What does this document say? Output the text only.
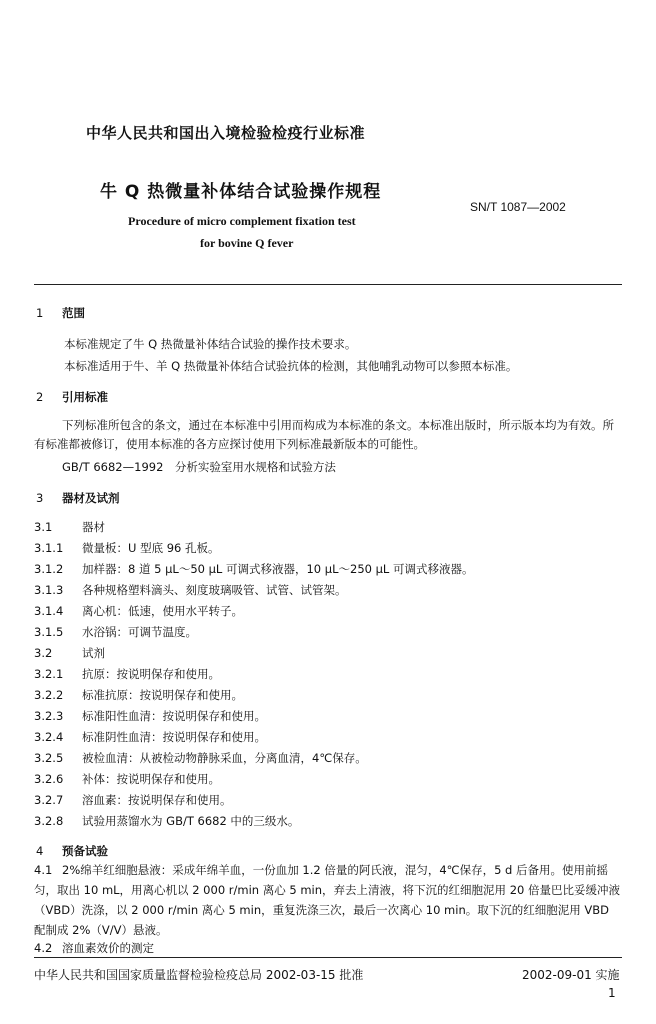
中华人民共和国出入境检验检疫行业标准
牛 Q 热微量补体结合试验操作规程
SN/T 1087—2002
Procedure of micro complement fixation test
for bovine Q fever
1 范围
本标准规定了牛 Q 热微量补体结合试验的操作技术要求。
本标准适用于牛、羊 Q 热微量补体结合试验抗体的检测，其他哺乳动物可以参照本标准。
2 引用标准
下列标准所包含的条文，通过在本标准中引用而构成为本标准的条文。本标准出版时，所示版本均为有效。所有标准都被修订，使用本标准的各方应探讨使用下列标准最新版本的可能性。
GB/T 6682—1992　分析实验室用水规格和试验方法
3 器材及试剂
3.1	器材
3.1.1 微量板：U 型底 96 孔板。
3.1.2 加样器：8 道 5 μL～50 μL 可调式移液器，10 μL～250 μL 可调式移液器。
3.1.3 各种规格塑料滴头、刻度玻璃吸管、试管、试管架。
3.1.4 离心机：低速，使用水平转子。
3.1.5 水浴锅：可调节温度。
3.2	试剂
3.2.1 抗原：按说明保存和使用。
3.2.2 标准抗原：按说明保存和使用。
3.2.3 标准阳性血清：按说明保存和使用。
3.2.4 标准阴性血清：按说明保存和使用。
3.2.5 被检血清：从被检动物静脉采血，分离血清，4℃保存。
3.2.6 补体：按说明保存和使用。
3.2.7 溶血素：按说明保存和使用。
3.2.8 试验用蒸馏水为 GB/T 6682 中的三级水。
4 预备试验
4.1 2%绵羊红细胞悬液：采成年绵羊血，一份血加 1.2 倍量的阿氏液，混匀，4℃保存，5 d 后备用。使用前摇匀，取出 10 mL，用离心机以 2 000 r/min 离心 5 min，弃去上清液，将下沉的红细胞泥用 20 倍量巴比妥缓冲液（VBD）洗涤，以 2 000 r/min 离心 5 min，重复洗涤三次，最后一次离心 10 min。取下沉的红细胞泥用 VBD 配制成 2%（V/V）悬液。
4.2 溶血素效价的测定
中华人民共和国国家质量监督检验检疫总局 2002-03-15 批准	2002-09-01 实施
1
